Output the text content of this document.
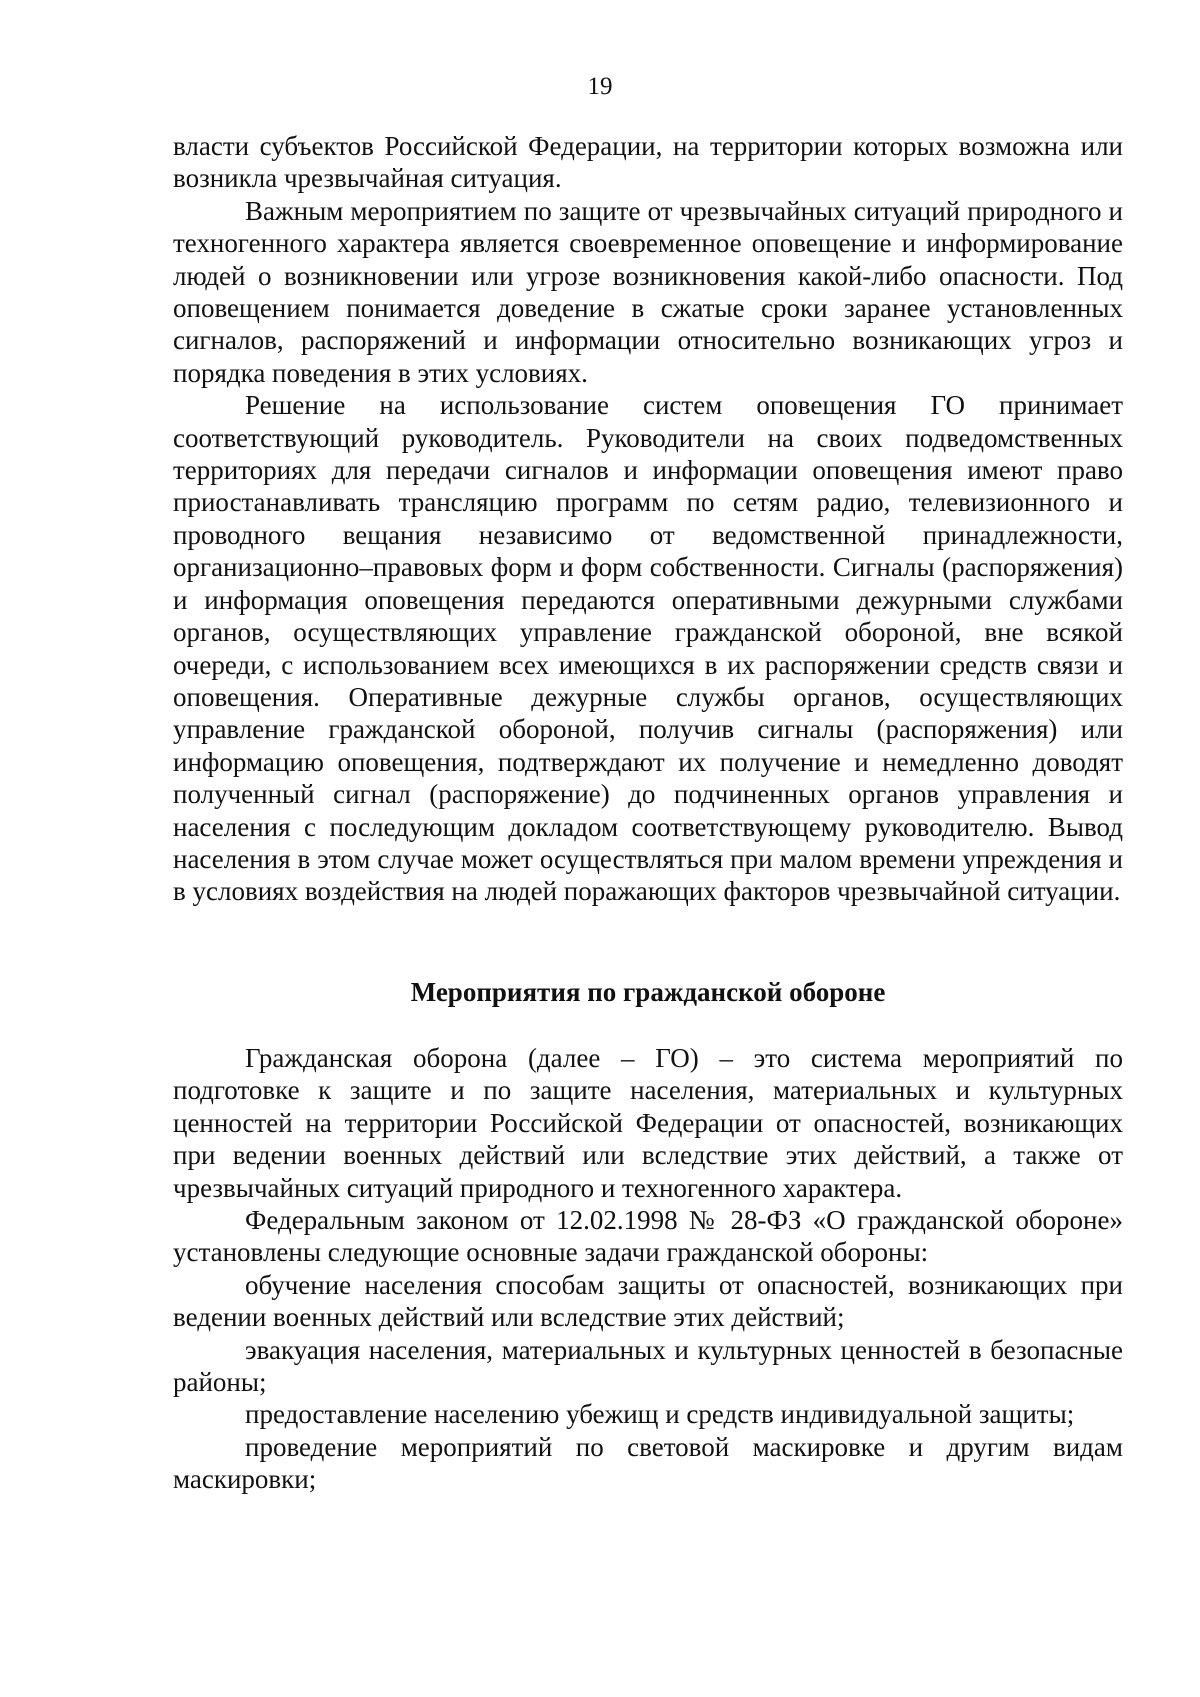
19

власти субъектов Российской Федерации, на территории которых возможна или возникла чрезвычайная ситуация.

Важным мероприятием по защите от чрезвычайных ситуаций природного и техногенного характера является своевременное оповещение и информирование людей о возникновении или угрозе возникновения какой-либо опасности. Под оповещением понимается доведение в сжатые сроки заранее установленных сигналов, распоряжений и информации относительно возникающих угроз и порядка поведения в этих условиях.

Решение на использование систем оповещения ГО принимает соответствующий руководитель. Руководители на своих подведомственных территориях для передачи сигналов и информации оповещения имеют право приостанавливать трансляцию программ по сетям радио, телевизионного и проводного вещания независимо от ведомственной принадлежности, организационно–правовых форм и форм собственности. Сигналы (распоряжения) и информация оповещения передаются оперативными дежурными службами органов, осуществляющих управление гражданской обороной, вне всякой очереди, с использованием всех имеющихся в их распоряжении средств связи и оповещения. Оперативные дежурные службы органов, осуществляющих управление гражданской обороной, получив сигналы (распоряжения) или информацию оповещения, подтверждают их получение и немедленно доводят полученный сигнал (распоряжение) до подчиненных органов управления и населения с последующим докладом соответствующему руководителю. Вывод населения в этом случае может осуществляться при малом времени упреждения и в условиях воздействия на людей поражающих факторов чрезвычайной ситуации.

Мероприятия по гражданской обороне

Гражданская оборона (далее – ГО) – это система мероприятий по подготовке к защите и по защите населения, материальных и культурных ценностей на территории Российской Федерации от опасностей, возникающих при ведении военных действий или вследствие этих действий, а также от чрезвычайных ситуаций природного и техногенного характера.

Федеральным законом от 12.02.1998 № 28-ФЗ «О гражданской обороне» установлены следующие основные задачи гражданской обороны:

обучение населения способам защиты от опасностей, возникающих при ведении военных действий или вследствие этих действий;

эвакуация населения, материальных и культурных ценностей в безопасные районы;

предоставление населению убежищ и средств индивидуальной защиты;

проведение мероприятий по световой маскировке и другим видам маскировки;
